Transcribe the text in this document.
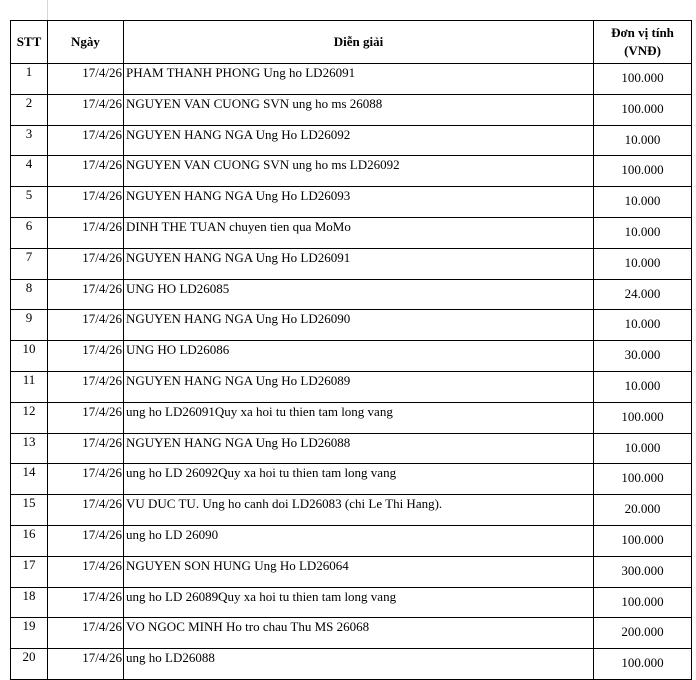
STT	Ngày	Diễn giải	Đơn vị tính
(VNĐ)
1	17/4/26	PHAM THANH PHONG Ung ho LD26091	100.000
2	17/4/26	NGUYEN VAN CUONG SVN ung ho ms 26088	100.000
3	17/4/26	NGUYEN HANG NGA Ung Ho LD26092	10.000
4	17/4/26	NGUYEN VAN CUONG SVN ung ho ms LD26092	100.000
5	17/4/26	NGUYEN HANG NGA Ung Ho LD26093	10.000
6	17/4/26	DINH THE TUAN chuyen tien qua MoMo	10.000
7	17/4/26	NGUYEN HANG NGA Ung Ho LD26091	10.000
8	17/4/26	UNG HO LD26085	24.000
9	17/4/26	NGUYEN HANG NGA Ung Ho LD26090	10.000
10	17/4/26	UNG HO LD26086	30.000
11	17/4/26	NGUYEN HANG NGA Ung Ho LD26089	10.000
12	17/4/26	ung ho LD26091Quy xa hoi tu thien tam long vang	100.000
13	17/4/26	NGUYEN HANG NGA Ung Ho LD26088	10.000
14	17/4/26	ung ho LD 26092Quy xa hoi tu thien tam long vang	100.000
15	17/4/26	VU DUC TU. Ung ho canh doi LD26083 (chi Le Thi Hang).	20.000
16	17/4/26	ung ho LD 26090	100.000
17	17/4/26	NGUYEN SON HUNG Ung Ho LD26064	300.000
18	17/4/26	ung ho LD 26089Quy xa hoi tu thien tam long vang	100.000
19	17/4/26	VO NGOC MINH Ho tro chau Thu MS 26068	200.000
20	17/4/26	ung ho LD26088	100.000
